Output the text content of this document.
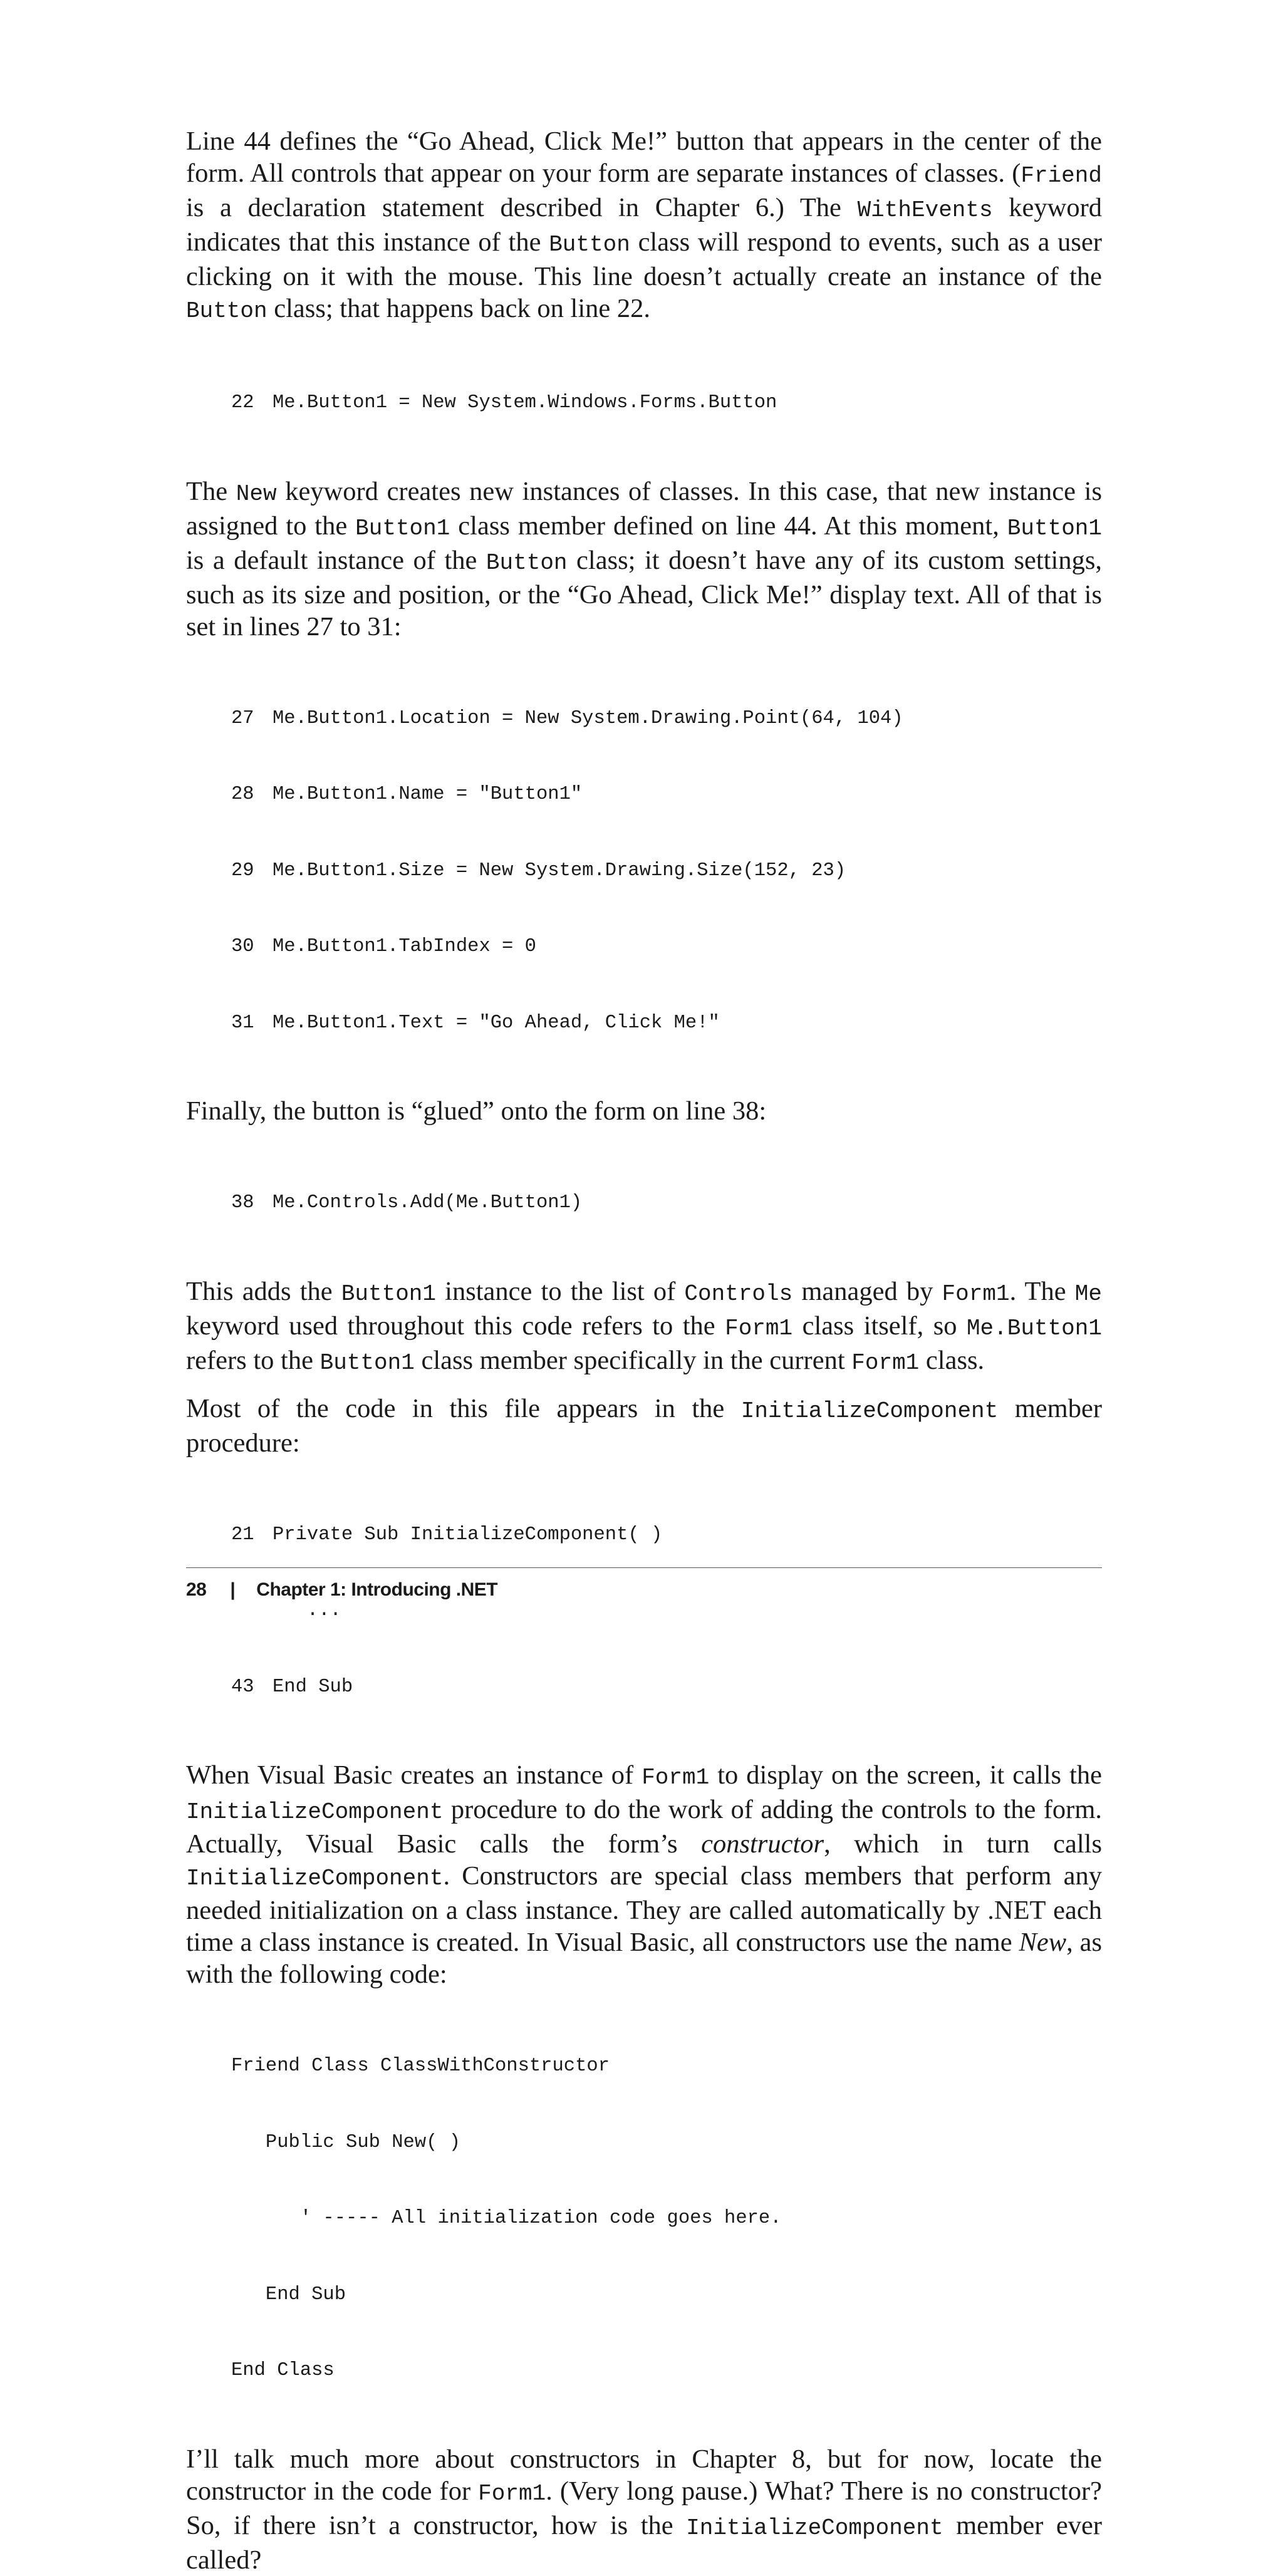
Line 44 defines the “Go Ahead, Click Me!” button that appears in the center of the form. All controls that appear on your form are separate instances of classes. (Friend is a declaration statement described in Chapter 6.) The WithEvents keyword indicates that this instance of the Button class will respond to events, such as a user clicking on it with the mouse. This line doesn’t actually create an instance of the Button class; that happens back on line 22.

22 Me.Button1 = New System.Windows.Forms.Button

The New keyword creates new instances of classes. In this case, that new instance is assigned to the Button1 class member defined on line 44. At this moment, Button1 is a default instance of the Button class; it doesn’t have any of its custom settings, such as its size and position, or the “Go Ahead, Click Me!” display text. All of that is set in lines 27 to 31:

27 Me.Button1.Location = New System.Drawing.Point(64, 104)

28 Me.Button1.Name = "Button1"

29 Me.Button1.Size = New System.Drawing.Size(152, 23)

30 Me.Button1.TabIndex = 0

31 Me.Button1.Text = "Go Ahead, Click Me!"

Finally, the button is “glued” onto the form on line 38:

38 Me.Controls.Add(Me.Button1)

This adds the Button1 instance to the list of Controls managed by Form1. The Me keyword used throughout this code refers to the Form1 class itself, so Me.Button1 refers to the Button1 class member specifically in the current Form1 class.

Most of the code in this file appears in the InitializeComponent member procedure:

21 Private Sub InitializeComponent( )

...

43 End Sub

When Visual Basic creates an instance of Form1 to display on the screen, it calls the InitializeComponent procedure to do the work of adding the controls to the form. Actually, Visual Basic calls the form’s constructor, which in turn calls InitializeComponent. Constructors are special class members that perform any needed initialization on a class instance. They are called automatically by .NET each time a class instance is created. In Visual Basic, all constructors use the name New, as with the following code:

Friend Class ClassWithConstructor

Public Sub New( )

' ----- All initialization code goes here.

End Sub

End Class

I’ll talk much more about constructors in Chapter 8, but for now, locate the constructor in the code for Form1. (Very long pause.) What? There is no constructor? So, if there isn’t a constructor, how is the InitializeComponent member ever called?

28 | Chapter 1: Introducing .NET
